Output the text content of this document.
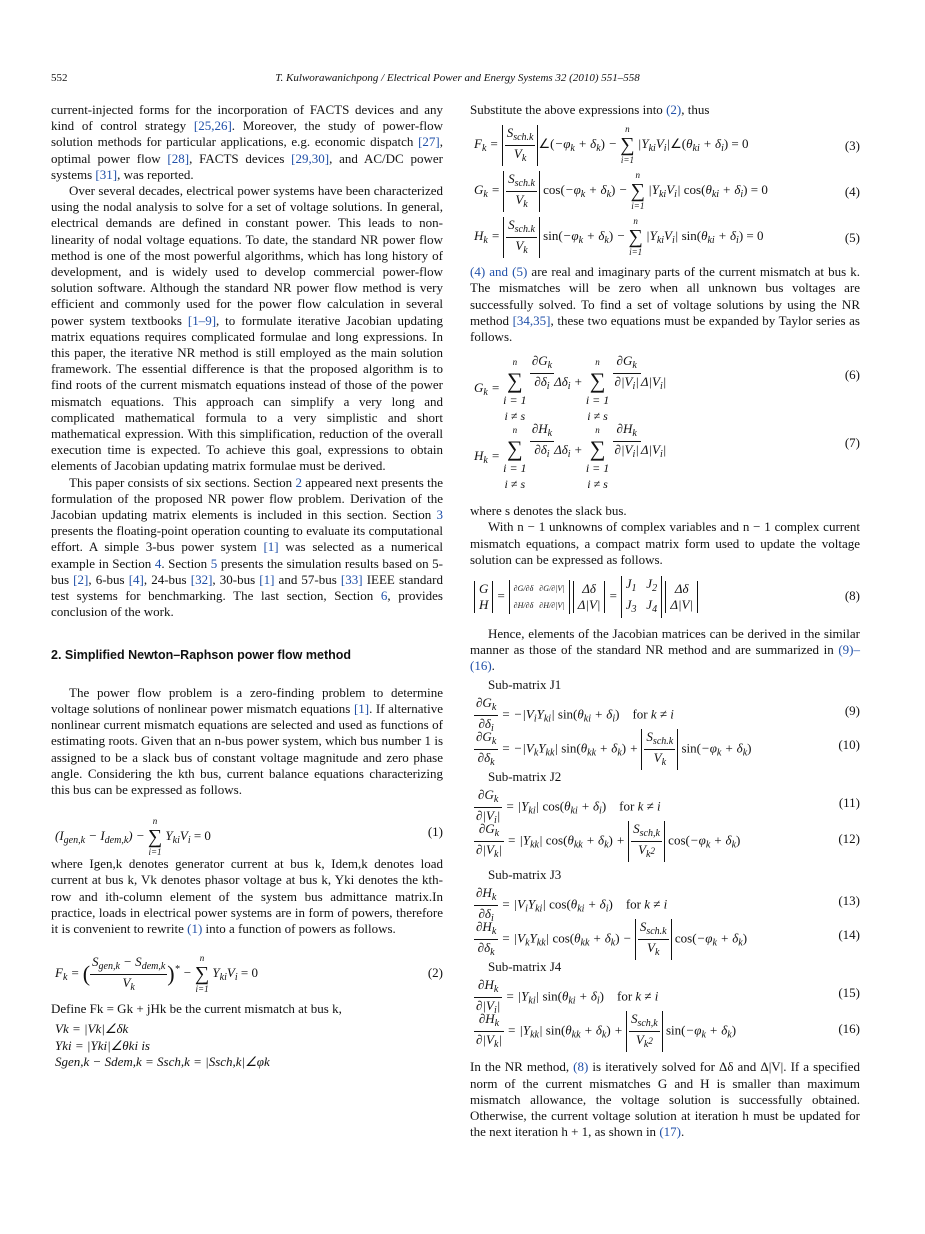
552	T. Kulworawanichpong / Electrical Power and Energy Systems 32 (2010) 551–558

current-injected forms for the incorporation of FACTS devices and any kind of control strategy [25,26]. Moreover, the study of power-flow solution methods for particular applications, e.g. economic dispatch [27], optimal power flow [28], FACTS devices [29,30], and AC/DC power systems [31], was reported.

Over several decades, electrical power systems have been characterized using the nodal analysis to solve for a set of voltage solutions. In general, electrical demands are defined in constant power. This leads to non-linearity of nodal voltage equations. To date, the standard NR power flow method is one of the most powerful algorithms, which has long history of development, and is widely used to develop commercial power-flow solution software. Although the standard NR power flow method is very efficient and commonly used for the power flow calculation in several power system textbooks [1–9], to formulate iterative Jacobian updating matrix equations requires complicated formulae and long expressions. In this paper, the iterative NR method is still employed as the main solution framework. The essential difference is that the proposed algorithm is to find roots of the current mismatch equations instead of those of the power mismatch equations. This approach can simplify a very long and complicated mathematical formula to a very simplistic and short mathematical expression. With this simplification, reduction of the overall execution time is expected. To achieve this goal, expressions to obtain elements of Jacobian updating matrix formulae must be derived.

This paper consists of six sections. Section 2 appeared next presents the formulation of the proposed NR power flow problem. Derivation of the Jacobian updating matrix elements is included in this section. Section 3 presents the floating-point operation counting to evaluate its computational effort. A simple 3-bus power system [1] was selected as a numerical example in Section 4. Section 5 presents the simulation results based on 5-bus [2], 6-bus [4], 24-bus [32], 30-bus [1] and 57-bus [33] IEEE standard test systems for benchmarking. The last section, Section 6, provides conclusion of the work.

2. Simplified Newton–Raphson power flow method

The power flow problem is a zero-finding problem to determine voltage solutions of nonlinear power mismatch equations [1]. If alternative nonlinear current mismatch equations are selected and used as functions of estimating roots. Given that an n-bus power system, which bus number 1 is assigned to be a slack bus of constant voltage magnitude and zero phase angle. Considering the kth bus, current balance equations characterizing this bus can be expressed as follows.

$(I_{gen,k} - I_{dem,k})$ −
n
∑
i=1
$Y_{ki}V_i = 0$	(1)

where Igen,k denotes generator current at bus k, Idem,k denotes load current at bus k, Vk denotes phasor voltage at bus k, Yki denotes the kth-row and ith-column element of the system bus admittance matrix.In practice, loads in electrical power systems are in form of powers, therefore it is convenient to rewrite (1) into a function of powers as follows.

$F_k$ = ( $\frac{S_{gen,k} - S_{dem,k}}{V_k} )^*$ −
n
∑
i=1
$Y_{ki}V_i = 0$	(2)

Define Fk = Gk + jHk be the current mismatch at bus k,

Vk = |Vk|∠δk

Yki = |Yki|∠θki is

Sgen,k − Sdem,k = Ssch,k = |Ssch,k|∠φk

Substitute the above expressions into (2), thus

$F_k = \frac{S_{sch.k}}{V_k}$ $\angle(-\varphi_k + \delta_k)$ −
n
∑
i=1
$|Y_{ki}V_i|\angle(\theta_{ki} + \delta_i) = 0$	(3)
$G_k = \frac{S_{sch.k}}{V_k} \cos(-\varphi_k + \delta_k)$ −
n
∑
i=1
$|Y_{ki}V_i|$ $\cos(\theta_{ki} + \delta_i) = 0$	(4)
$H_k = \frac{S_{sch.k}}{V_k} \sin(-\varphi_k + \delta_k)$ −
n
∑
i=1
$|Y_{ki}V_i|$ $\sin(\theta_{ki} + \delta_i) = 0$	(5)

(4) and (5) are real and imaginary parts of the current mismatch at bus k. The mismatches will be zero when all unknown bus voltages are successfully solved. To find a set of voltage solutions by using the NR method [34,35], these two equations must be expanded by Taylor series as follows.

$G_k$ =
n
∑
i = 1
i ≠ s

$\frac{\partial G_k}{\partial\delta_i} \Delta\delta_i$ +
n
∑
i = 1
i ≠ s

$\frac{\partial G_k}{\partial|V_i|} \Delta|V_i|$	(6)
$H_k$ =
n
∑
i = 1
i ≠ s

$\frac{\partial H_k}{\partial\delta_i} \Delta\delta_i$ +
n
∑
i = 1
i ≠ s

$\frac{\partial H_k}{\partial|V_i|} \Delta|V_i|$	(7)

where s denotes the slack bus.

With n − 1 unknowns of complex variables and n − 1 complex current mismatch equations, a compact matrix form used to update the voltage solution can be expressed as follows.

G
H
= ∂G/∂δ   ∂G/∂|V|
∂H/∂δ   ∂H/∂|V|

Δδ
Δ|V|
=
$J_1$   $J_2$
$J_3$   $J_4$

Δδ
Δ|V|
(8)

Hence, elements of the Jacobian matrices can be derived in the similar manner as those of the standard NR method and are summarized in (9)–(16).

Sub-matrix J1

$\frac{\partial G_k}{\partial\delta_i} = -|V_iY_{ki}|$ $\sin(\theta_{ki} + \delta_i)$    for k ≠ i	(9)
$\frac{\partial G_k}{\partial\delta_k} = -|V_kY_{kk}|$ $\sin(\theta_{kk} + \delta_k) + \frac{S_{sch.k}}{V_k} \sin(-\varphi_k + \delta_k)$	(10)

Sub-matrix J2

$\frac{\partial G_k}{\partial|V_i|} = |Y_{ki}|$ $\cos(\theta_{ki} + \delta_i)$    for k ≠ i	(11)
$\frac{\partial G_k}{\partial|V_k|} = |Y_{kk}|$ $\cos(\theta_{kk} + \delta_k) + \frac{S_{sch,k}}{V_k2} \cos(-\varphi_k + \delta_k)$	(12)

Sub-matrix J3

$\frac{\partial H_k}{\partial\delta_i} = |V_iY_{ki}|$ $\cos(\theta_{ki} + \delta_i)$    for k ≠ i	(13)
$\frac{\partial H_k}{\partial\delta_k} = |V_kY_{kk}|$ $\cos(\theta_{kk} + \delta_k) - \frac{S_{sch.k}}{V_k} \cos(-\varphi_k + \delta_k)$	(14)

Sub-matrix J4

$\frac{\partial H_k}{\partial|V_i|} = |Y_{ki}|$ $\sin(\theta_{ki} + \delta_i)$    for k ≠ i	(15)
$\frac{\partial H_k}{\partial|V_k|} = |Y_{kk}|$ $\sin(\theta_{kk} + \delta_k) + \frac{S_{sch,k}}{V_k2} \sin(-\varphi_k + \delta_k)$	(16)

In the NR method, (8) is iteratively solved for Δδ and Δ|V|. If a specified norm of the current mismatches G and H is smaller than maximum mismatch allowance, the voltage solution is successfully obtained. Otherwise, the current voltage solution at iteration h must be updated for the next iteration h + 1, as shown in (17).
